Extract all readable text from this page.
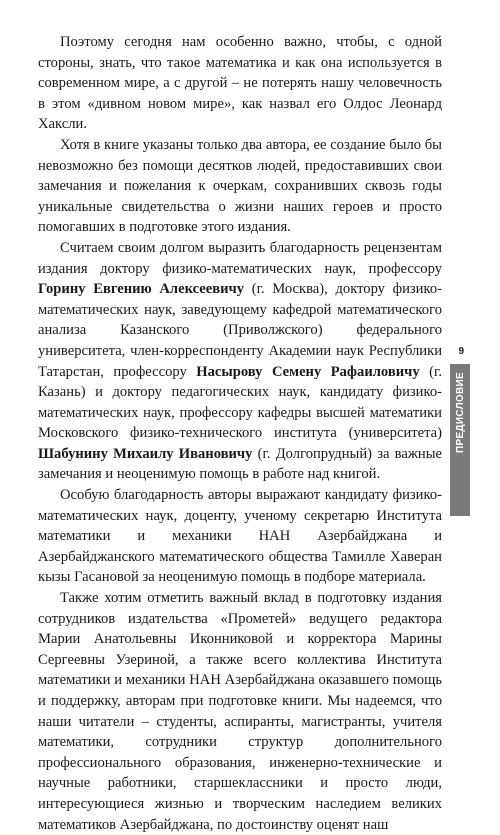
Поэтому сегодня нам особенно важно, чтобы, с одной стороны, знать, что такое математика и как она используется в современном мире, а с другой – не потерять нашу человечность в этом «дивном новом мире», как назвал его Олдос Леонард Хаксли.

Хотя в книге указаны только два автора, ее создание было бы невозможно без помощи десятков людей, предоставивших свои замечания и пожелания к очеркам, сохранивших сквозь годы уникальные свидетельства о жизни наших героев и просто помогавших в подготовке этого издания.

Считаем своим долгом выразить благодарность рецензентам издания доктору физико-математических наук, профессору Горину Евгению Алексеевичу (г. Москва), доктору физико-математических наук, заведующему кафедрой математического анализа Казанского (Приволжского) федерального университета, член-корреспонденту Академии наук Республики Татарстан, профессору Насырову Семену Рафаиловичу (г. Казань) и доктору педагогических наук, кандидату физико-математических наук, профессору кафедры высшей математики Московского физико-технического института (университета) Шабунину Михаилу Ивановичу (г. Долгопрудный) за важные замечания и неоценимую помощь в работе над книгой.

Особую благодарность авторы выражают кандидату физико-математических наук, доценту, ученому секретарю Института математики и механики НАН Азербайджана и Азербайджанского математического общества Тамилле Хаверан кызы Гасановой за неоценимую помощь в подборе материала.

Также хотим отметить важный вклад в подготовку издания сотрудников издательства «Прометей» ведущего редактора Марии Анатольевны Иконниковой и корректора Марины Сергеевны Узериной, а также всего коллектива Института математики и механики НАН Азербайджана оказавшего помощь и поддержку, авторам при подготовке книги. Мы надеемся, что наши читатели – студенты, аспиранты, магистранты, учителя математики, сотрудники структур дополнительного профессионального образования, инженерно-технические и научные работники, старшеклассники и просто люди, интересующиеся жизнью и творческим наследием великих математиков Азербайджана, по достоинству оценят наш

9
ПРЕДИСЛОВИЕ
